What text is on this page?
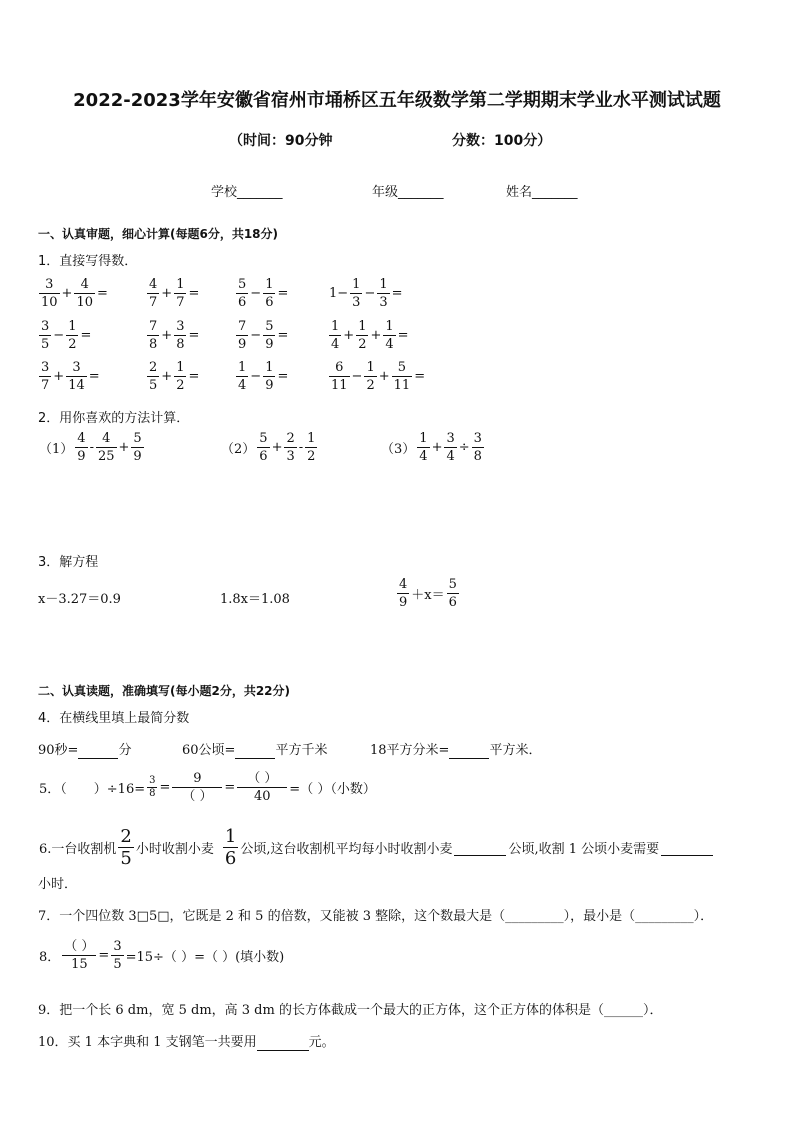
2022-2023学年安徽省宿州市埇桥区五年级数学第二学期期末学业水平测试试题
（时间：90分钟	分数：100分）
学校_______	年级_______	姓名_______
一、认真审题，细心计算(每题6分，共18分)
1．直接写得数．
$\frac{3}{10} + \frac{4}{10}$ =	$\frac{4}{7} + \frac{1}{7}$ =	$\frac{5}{6} - \frac{1}{6}$ =	$1- \frac{1}{3} - \frac{1}{3}$ =
$\frac{3}{5} - \frac{1}{2}$ =	$\frac{7}{8} + \frac{3}{8}$ =	$\frac{7}{9} - \frac{5}{9}$ =	$\frac{1}{4} + \frac{1}{2} + \frac{1}{4}$ =
$\frac{3}{7} + \frac{3}{14}$ =	$\frac{2}{5} + \frac{1}{2}$ =	$\frac{1}{4} - \frac{1}{9}$ =	$\frac{6}{11} - \frac{1}{2} + \frac{5}{11}$ =
2．用你喜欢的方法计算．
$(1) \frac{4}{9} - \frac{4}{25} + \frac{5}{9}$	$(2) \frac{5}{6} + \frac{2}{3} - \frac{1}{2}$	$(3) \frac{1}{4} + \frac{3}{4} \div \frac{3}{8}$
3．解方程
x－3.27＝0.9	1.8x＝1.08	$\frac{4}{9} +x= \frac{5}{6}$
二、认真读题，准确填写(每小题2分，共22分)
4．在横线里填上最简分数
90秒=	分	60公顷=	平方千米	18平方分米=	平方米．
5．（ ）$\div 16= \frac{3}{8} = \frac{9}{( )} = \frac{( )}{40}$ =（ ）（小数）
6.一台收割机 $\frac{2}{5}$ 小时收割小麦 $\frac{1}{6}$ 公顷,这台收割机平均每小时收割小麦	公顷,收割 1 公顷小麦需要
小时．
7．一个四位数 3□5□，它既是 2 和 5 的倍数，又能被 3 整除，这个数最大是（_________），最小是（_________）．
8． $\frac{( )}{15} = \frac{3}{5} =15\div$（ ）=（ ）(填小数)
9．把一个长 6 dm，宽 5 dm，高 3 dm 的长方体截成一个最大的正方体，这个正方体的体积是（______）．
10．买 1 本字典和 1 支钢笔一共要用	元。
